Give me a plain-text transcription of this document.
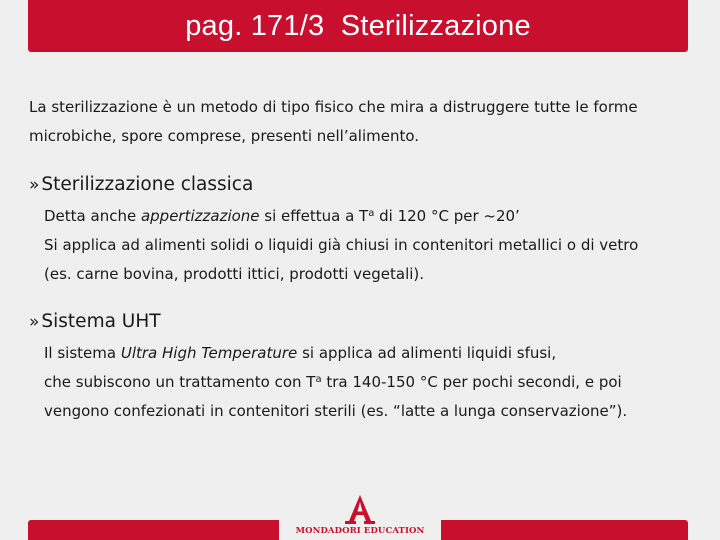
pag. 171/3  Sterilizzazione
La sterilizzazione è un metodo di tipo fisico che mira a distruggere tutte le forme
microbiche, spore comprese, presenti nell’alimento.
» Sterilizzazione classica
Detta anche appertizzazione si effettua a $T^a$ di 120 °C per ~20’
Si applica ad alimenti solidi o liquidi già chiusi in contenitori metallici o di vetro
(es. carne bovina, prodotti ittici, prodotti vegetali).
» Sistema UHT
Il sistema Ultra High Temperature si applica ad alimenti liquidi sfusi,
che subiscono un trattamento con $T^a$ tra 140-150 °C per pochi secondi, e poi
vengono confezionati in contenitori sterili (es. “latte a lunga conservazione”).
MONDADORI EDUCATION
